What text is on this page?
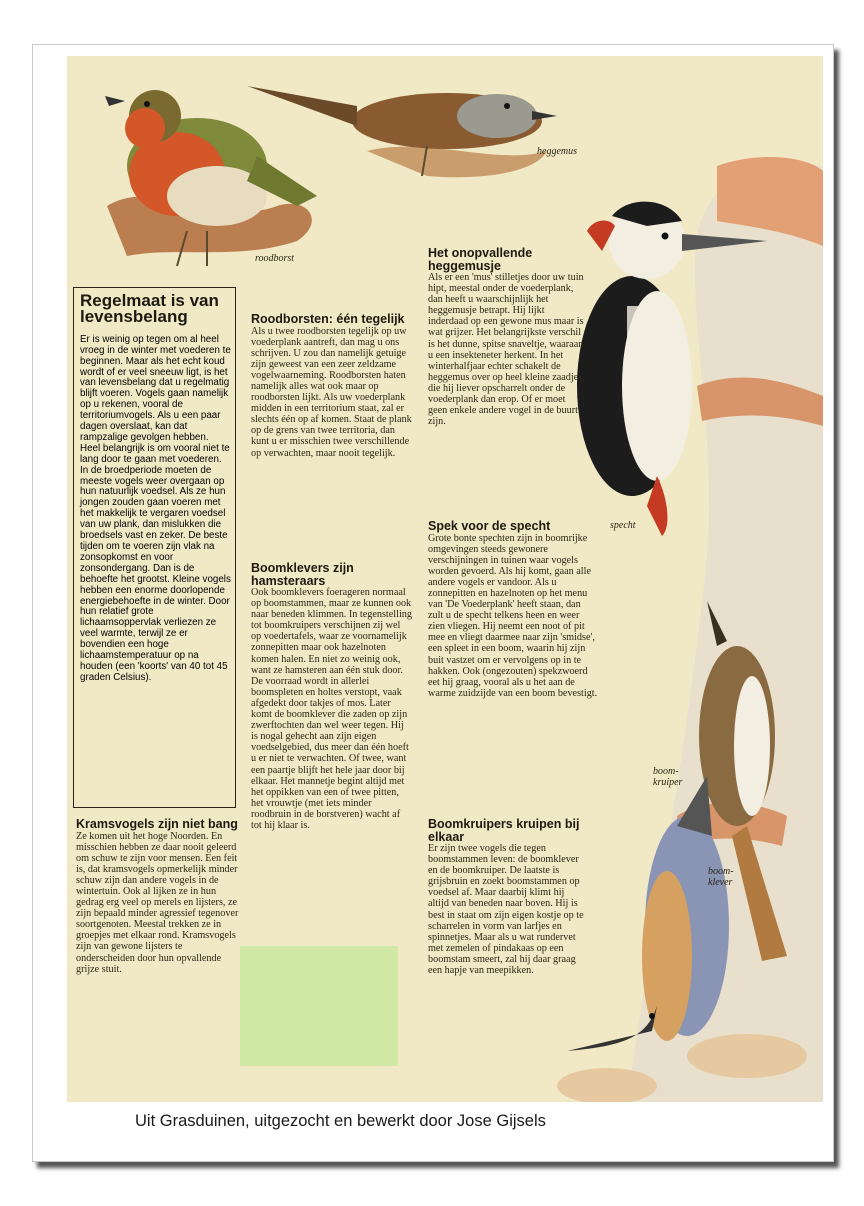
roodborst
heggemus
specht
boom-kruiper
boom-klever

Regelmaat is van levensbelang

Er is weinig op tegen om al heel vroeg in de winter met voederen te beginnen. Maar als het echt koud wordt of er veel sneeuw ligt, is het van levensbelang dat u regelmatig blijft voeren. Vogels gaan namelijk op u rekenen, vooral de territoriumvogels. Als u een paar dagen overslaat, kan dat rampzalige gevolgen hebben. Heel belangrijk is om vooral niet te lang door te gaan met voederen. In de broedperiode moeten de meeste vogels weer overgaan op hun natuurlijk voedsel. Als ze hun jongen zouden gaan voeren met het makkelijk te vergaren voedsel van uw plank, dan mislukken die broedsels vast en zeker. De beste tijden om te voeren zijn vlak na zonsopkomst en voor zonsondergang. Dan is de behoefte het grootst. Kleine vogels hebben een enorme doorlopende energiebehoefte in de winter. Door hun relatief grote lichaamsoppervlak verliezen ze veel warmte, terwijl ze er bovendien een hoge lichaamstemperatuur op na houden (een 'koorts' van 40 tot 45 graden Celsius).

Kramsvogels zijn niet bang

Ze komen uit het hoge Noorden. En misschien hebben ze daar nooit geleerd om schuw te zijn voor mensen. Een feit is, dat kramsvogels opmerkelijk minder schuw zijn dan andere vogels in de wintertuin. Ook al lijken ze in hun gedrag erg veel op merels en lijsters, ze zijn bepaald minder agressief tegenover soortgenoten. Meestal trekken ze in groepjes met elkaar rond. Kramsvogels zijn van gewone lijsters te onderscheiden door hun opvallende grijze stuit.

Roodborsten: één tegelijk

Als u twee roodborsten tegelijk op uw voederplank aantreft, dan mag u ons schrijven. U zou dan namelijk getuige zijn geweest van een zeer zeldzame vogelwaarneming. Roodborsten haten namelijk alles wat ook maar op roodborsten lijkt. Als uw voederplank midden in een territorium staat, zal er slechts één op af komen. Staat de plank op de grens van twee territoria, dan kunt u er misschien twee verschillende op verwachten, maar nooit tegelijk.

Boomklevers zijn hamsteraars

Ook boomklevers foerageren normaal op boomstammen, maar ze kunnen ook naar beneden klimmen. In tegenstelling tot boomkruipers verschijnen zij wel op voedertafels, waar ze voornamelijk zonnepitten maar ook hazelnoten komen halen. En niet zo weinig ook, want ze hamsteren aan één stuk door. De voorraad wordt in allerlei boomspleten en holtes verstopt, vaak afgedekt door takjes of mos. Later komt de boomklever die zaden op zijn zwerftochten dan wel weer tegen. Hij is nogal gehecht aan zijn eigen voedselgebied, dus meer dan één hoeft u er niet te verwachten. Of twee, want een paartje blijft het hele jaar door bij elkaar. Het mannetje begint altijd met het oppikken van een of twee pitten, het vrouwtje (met iets minder roodbruin in de borstveren) wacht af tot hij klaar is.

Het onopvallende heggemusje

Als er een 'mus' stilletjes door uw tuin hipt, meestal onder de voederplank, dan heeft u waarschijnlijk het heggemusje betrapt. Hij lijkt inderdaad op een gewone mus maar is wat grijzer. Het belangrijkste verschil is het dunne, spitse snaveltje, waaraan u een insekteneter herkent. In het winterhalfjaar echter schakelt de heggemus over op heel kleine zaadjes, die hij liever opscharrelt onder de voederplank dan erop. Of er moet geen enkele andere vogel in de buurt zijn.

Spek voor de specht

Grote bonte spechten zijn in boomrijke omgevingen steeds gewonere verschijningen in tuinen waar vogels worden gevoerd. Als hij komt, gaan alle andere vogels er vandoor. Als u zonnepitten en hazelnoten op het menu van 'De Voederplank' heeft staan, dan zult u de specht telkens heen en weer zien vliegen. Hij neemt een noot of pit mee en vliegt daarmee naar zijn 'smidse', een spleet in een boom, waarin hij zijn buit vastzet om er vervolgens op in te hakken. Ook (ongezouten) spekzwoerd eet hij graag, vooral als u het aan de warme zuidzijde van een boom bevestigt.

Boomkruipers kruipen bij elkaar

Er zijn twee vogels die tegen boomstammen leven: de boomklever en de boomkruiper. De laatste is grijsbruin en zoekt boomstammen op voedsel af. Maar daarbij klimt hij altijd van beneden naar boven. Hij is best in staat om zijn eigen kostje op te scharrelen in vorm van larfjes en spinnetjes. Maar als u wat rundervet met zemelen of pindakaas op een boomstam smeert, zal hij daar graag een hapje van meepikken.

Uit Grasduinen, uitgezocht en bewerkt door Jose Gijsels
